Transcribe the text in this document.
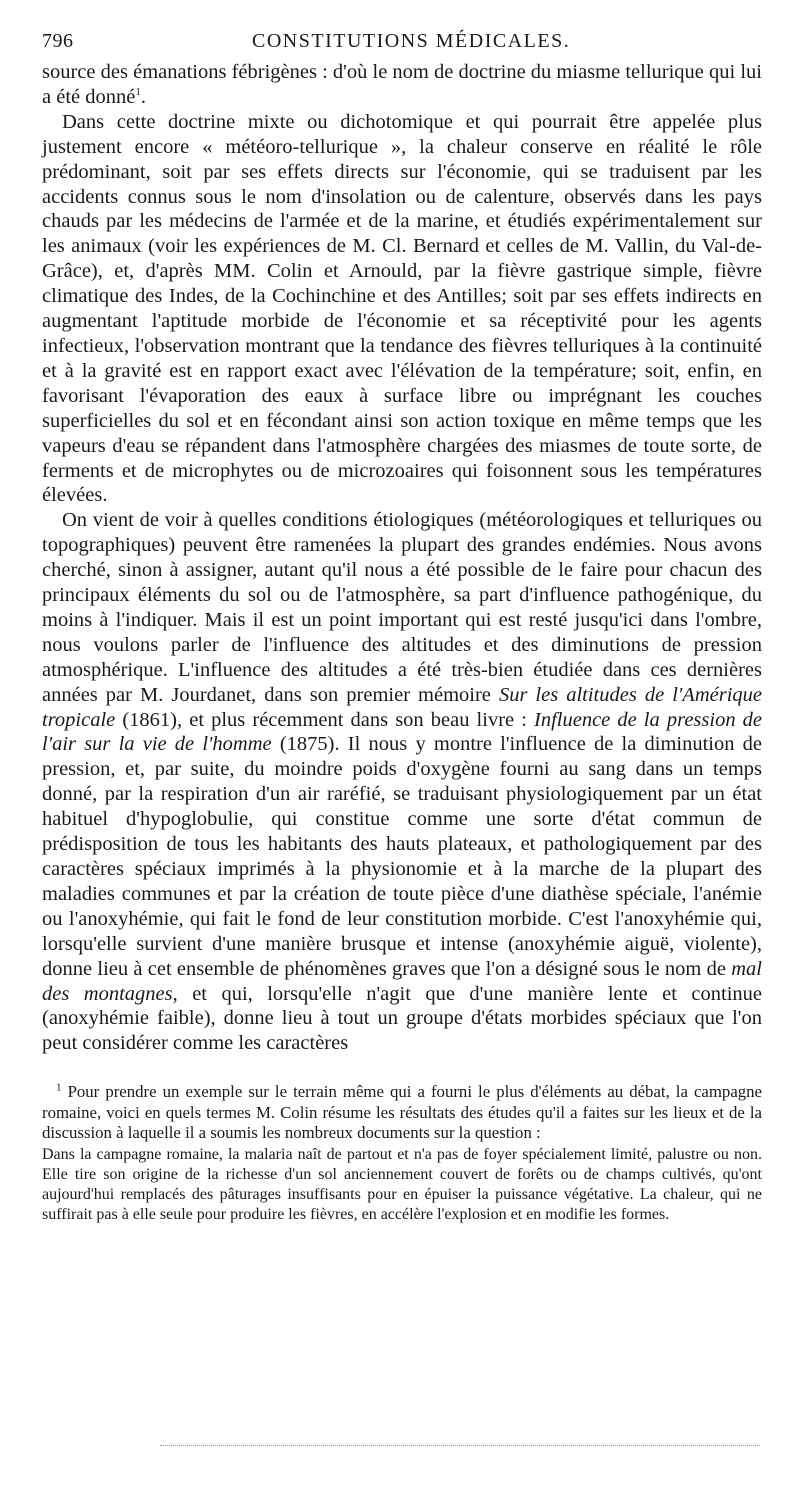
796	CONSTITUTIONS MÉDICALES.

source des émanations fébrigènes : d'où le nom de doctrine du miasme tellurique qui lui a été donné$^1$.

Dans cette doctrine mixte ou dichotomique et qui pourrait être appelée plus justement encore « météoro-tellurique », la chaleur conserve en réalité le rôle prédominant, soit par ses effets directs sur l'économie, qui se traduisent par les accidents connus sous le nom d'insolation ou de calenture, observés dans les pays chauds par les médecins de l'armée et de la marine, et étudiés expérimentalement sur les animaux (voir les expériences de M. Cl. Bernard et celles de M. Vallin, du Val-de-Grâce), et, d'après MM. Colin et Arnould, par la fièvre gastrique simple, fièvre climatique des Indes, de la Cochinchine et des Antilles; soit par ses effets indirects en augmentant l'aptitude morbide de l'économie et sa réceptivité pour les agents infectieux, l'observation montrant que la tendance des fièvres telluriques à la continuité et à la gravité est en rapport exact avec l'élévation de la température; soit, enfin, en favorisant l'évaporation des eaux à surface libre ou imprégnant les couches superficielles du sol et en fécondant ainsi son action toxique en même temps que les vapeurs d'eau se répandent dans l'atmosphère chargées des miasmes de toute sorte, de ferments et de microphytes ou de microzoaires qui foisonnent sous les températures élevées.

On vient de voir à quelles conditions étiologiques (météorologiques et telluriques ou topographiques) peuvent être ramenées la plupart des grandes endémies. Nous avons cherché, sinon à assigner, autant qu'il nous a été possible de le faire pour chacun des principaux éléments du sol ou de l'atmosphère, sa part d'influence pathogénique, du moins à l'indiquer. Mais il est un point important qui est resté jusqu'ici dans l'ombre, nous voulons parler de l'influence des altitudes et des diminutions de pression atmosphérique. L'influence des altitudes a été très-bien étudiée dans ces dernières années par M. Jourdanet, dans son premier mémoire Sur les altitudes de l'Amérique tropicale (1861), et plus récemment dans son beau livre : Influence de la pression de l'air sur la vie de l'homme (1875). Il nous y montre l'influence de la diminution de pression, et, par suite, du moindre poids d'oxygène fourni au sang dans un temps donné, par la respiration d'un air raréfié, se traduisant physiologiquement par un état habituel d'hypoglobulie, qui constitue comme une sorte d'état commun de prédisposition de tous les habitants des hauts plateaux, et pathologiquement par des caractères spéciaux imprimés à la physionomie et à la marche de la plupart des maladies communes et par la création de toute pièce d'une diathèse spéciale, l'anémie ou l'anoxyhémie, qui fait le fond de leur constitution morbide. C'est l'anoxyhémie qui, lorsqu'elle survient d'une manière brusque et intense (anoxyhémie aiguë, violente), donne lieu à cet ensemble de phénomènes graves que l'on a désigné sous le nom de mal des montagnes, et qui, lorsqu'elle n'agit que d'une manière lente et continue (anoxyhémie faible), donne lieu à tout un groupe d'états morbides spéciaux que l'on peut considérer comme les caractères

$^1$ Pour prendre un exemple sur le terrain même qui a fourni le plus d'éléments au débat, la campagne romaine, voici en quels termes M. Colin résume les résultats des études qu'il a faites sur les lieux et de la discussion à laquelle il a soumis les nombreux documents sur la question :

Dans la campagne romaine, la malaria naît de partout et n'a pas de foyer spécialement limité, palustre ou non. Elle tire son origine de la richesse d'un sol anciennement couvert de forêts ou de champs cultivés, qu'ont aujourd'hui remplacés des pâturages insuffisants pour en épuiser la puissance végétative. La chaleur, qui ne suffirait pas à elle seule pour produire les fièvres, en accélère l'explosion et en modifie les formes.
